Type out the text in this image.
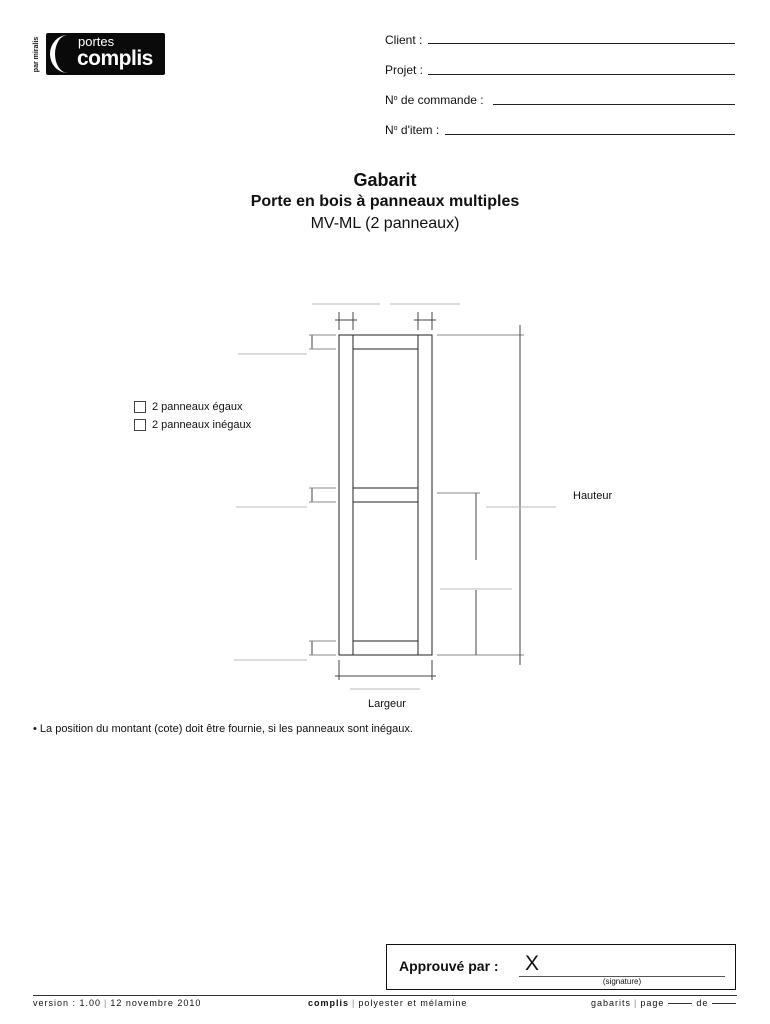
par miralis	portes
complis
Client :
Projet :
$N^o$ de commande :
$N^o$ d'item :
Gabarit
Porte en bois à panneaux multiples
MV-ML (2 panneaux)
2 panneaux égaux
2 panneaux inégaux
Hauteur
Largeur
• La position du montant (cote) doit être fournie, si les panneaux sont inégaux.
Approuvé par : X
(signature)
version : 1.00 | 12 novembre 2010	complis | polyester et mélamine	gabarits | page	de
